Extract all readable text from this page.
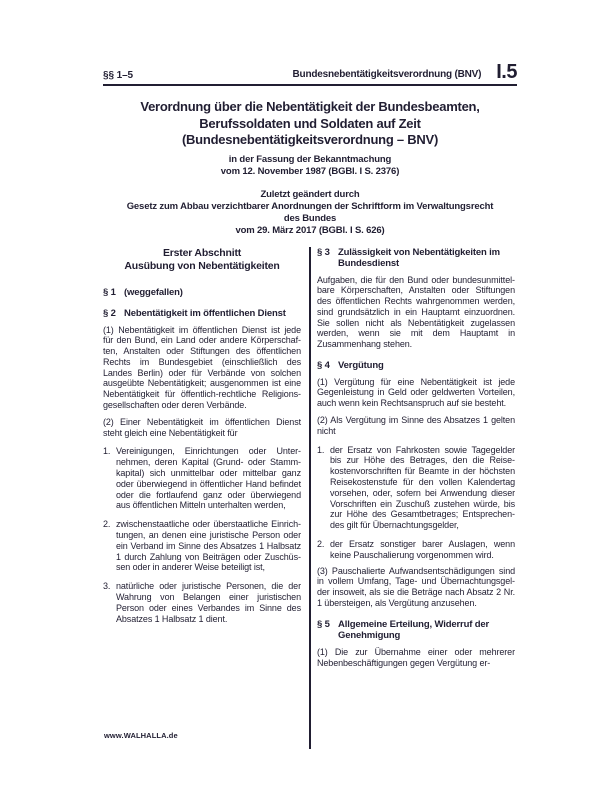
§§ 1–5	Bundesnebentätigkeitsverordnung (BNV) I.5
Verordnung über die Nebentätigkeit der Bundesbeamten,
Berufssoldaten und Soldaten auf Zeit
(Bundesnebentätigkeitsverordnung – BNV)
in der Fassung der Bekanntmachung
vom 12. November 1987 (BGBl. I S. 2376)
Zuletzt geändert durch
Gesetz zum Abbau verzichtbarer Anordnungen der Schriftform im Verwaltungsrecht
des Bundes
vom 29. März 2017 (BGBl. I S. 626)
Erster Abschnitt
Ausübung von Nebentätigkeiten
§ 1 (weggefallen)
§ 2 Nebentätigkeit im öffentlichen Dienst

(1) Nebentätigkeit im öffentlichen Dienst ist jede für den Bund, ein Land oder andere Körperschaften, Anstalten oder Stiftungen des öffentlichen Rechts im Bundesgebiet (einschließlich des Landes Berlin) oder für Verbände von solchen ausgeübte Nebentätigkeit; ausgenommen ist eine Nebentätigkeit für öffentlich-rechtliche Religionsgesellschaften oder deren Verbände.

(2) Einer Nebentätigkeit im öffentlichen Dienst steht gleich eine Nebentätigkeit für

1. Vereinigungen, Einrichtungen oder Unternehmen, deren Kapital (Grund- oder Stammkapital) sich unmittelbar oder mittelbar ganz oder überwiegend in öffentlicher Hand befindet oder die fortlaufend ganz oder überwiegend aus öffentlichen Mitteln unterhalten werden,
2. zwischenstaatliche oder überstaatliche Einrichtungen, an denen eine juristische Person oder ein Verband im Sinne des Absatzes 1 Halbsatz 1 durch Zahlung von Beiträgen oder Zuschüssen oder in anderer Weise beteiligt ist,
3. natürliche oder juristische Personen, die der Wahrung von Belangen einer juristischen Person oder eines Verbandes im Sinne des Absatzes 1 Halbsatz 1 dient.
§ 3 Zulässigkeit von Nebentätigkeiten im Bundesdienst

Aufgaben, die für den Bund oder bundesunmittelbare Körperschaften, Anstalten oder Stiftungen des öffentlichen Rechts wahrgenommen werden, sind grundsätzlich in ein Hauptamt einzuordnen. Sie sollen nicht als Nebentätigkeit zugelassen werden, wenn sie mit dem Hauptamt in Zusammenhang stehen.

§ 4 Vergütung

(1) Vergütung für eine Nebentätigkeit ist jede Gegenleistung in Geld oder geldwerten Vorteilen, auch wenn kein Rechtsanspruch auf sie besteht.

(2) Als Vergütung im Sinne des Absatzes 1 gelten nicht

1. der Ersatz von Fahrkosten sowie Tagegelder bis zur Höhe des Betrages, den die Reisekostenvorschriften für Beamte in der höchsten Reisekostenstufe für den vollen Kalendertag vorsehen, oder, sofern bei Anwendung dieser Vorschriften ein Zuschuß zustehen würde, bis zur Höhe des Gesamtbetrages; Entsprechendes gilt für Übernachtungsgelder,
2. der Ersatz sonstiger barer Auslagen, wenn keine Pauschalierung vorgenommen wird.

(3) Pauschalierte Aufwandsentschädigungen sind in vollem Umfang, Tage- und Übernachtungsgelder insoweit, als sie die Beträge nach Absatz 2 Nr. 1 übersteigen, als Vergütung anzusehen.

§ 5 Allgemeine Erteilung, Widerruf der Genehmigung

(1) Die zur Übernahme einer oder mehrerer Nebenbeschäftigungen gegen Vergütung er-

www.WALHALLA.de
